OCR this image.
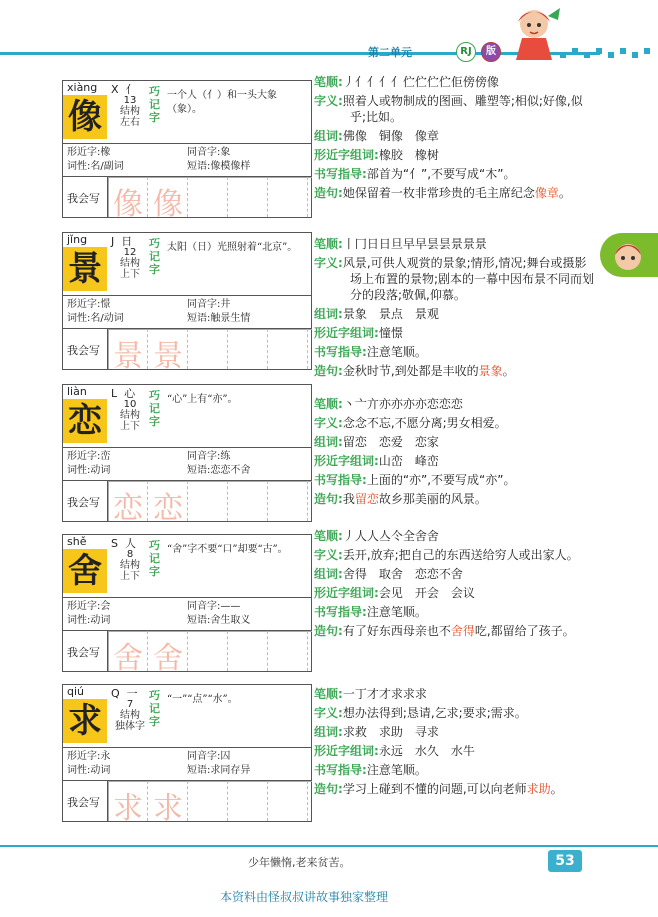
第二单元	RJ	版
xiàng X 亻
像	13
结构
左右
巧记字
一个人（亻）和一头大象（象）。
形近字:橡	同音字:象
词性:名/副词	短语:像模像样
我会写 像 像
jǐng J 日
景	12
结构
上下
巧记字
太阳（日）光照射着“北京”。
形近字:憬	同音字:井
词性:名/动词	短语:触景生情
我会写 景 景
liàn L 心
恋	10
结构
上下
巧记字
“心”上有“亦”。
形近字:峦	同音字:练
词性:动词	短语:恋恋不舍
我会写 恋 恋
shě S 人
舍	8
结构
上下
巧记字
“舍”字不要“口”却要“古”。
形近字:会	同音字:——
词性:动词	短语:舍生取义
我会写 舍 舍
qiú Q 一
求	7
结构
独体字
巧记字
“一”“点”“水”。
形近字:永	同音字:囚
词性:动词	短语:求同存异
我会写 求 求
笔顺:丿亻亻亻亻伫伫伫伫佢傍傍像
字义:照着人或物制成的图画、雕塑等;相似;好像,似乎;比如。
组词:佛像　铜像　像章
形近字组词:橡胶　橡树
书写指导:部首为“亻”,不要写成“木”。
造句:她保留着一枚非常珍贵的毛主席纪念像章。
笔顺:丨冂日日旦早早昙昙景景景
字义:风景,可供人观赏的景象;情形,情况;舞台或摄影场上布置的景物;剧本的一幕中因布景不同而划分的段落;敬佩,仰慕。
组词:景象　景点　景观
形近字组词:憧憬
书写指导:注意笔顺。
造句:金秋时节,到处都是丰收的景象。
笔顺:丶亠亣亦亦亦亦恋恋恋
字义:念念不忘,不愿分离;男女相爱。
组词:留恋　恋爱　恋家
形近字组词:山峦　峰峦
书写指导:上面的“亦”,不要写成“亦”。
造句:我留恋故乡那美丽的风景。
笔顺:丿人人亼仒全舍舍
字义:丢开,放弃;把自己的东西送给穷人或出家人。
组词:舍得　取舍　恋恋不舍
形近字组词:会见　开会　会议
书写指导:注意笔顺。
造句:有了好东西母亲也不舍得吃,都留给了孩子。
笔顺:一丁才才求求求
字义:想办法得到;恳请,乞求;要求;需求。
组词:求救　求助　寻求
形近字组词:永远　水久　水牛
书写指导:注意笔顺。
造句:学习上碰到不懂的问题,可以向老师求助。
少年懒惰,老来贫苦。	53
本资料由怪叔叔讲故事独家整理
